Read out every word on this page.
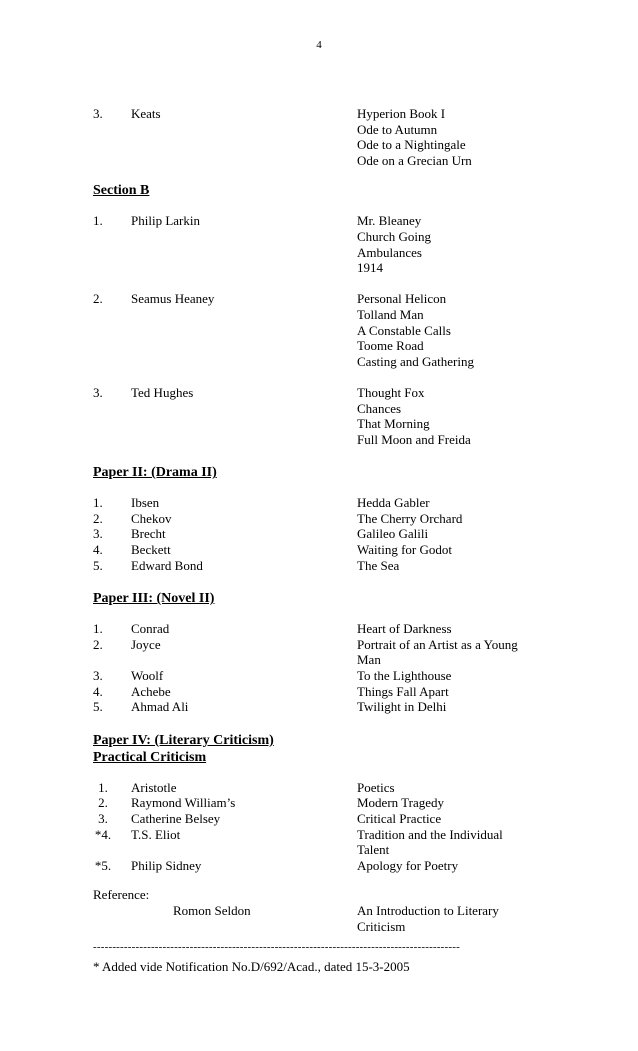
4
3.	Keats	Hyperion Book I
Ode to Autumn
Ode to a Nightingale
Ode on a Grecian Urn
Section B
1.	Philip Larkin	Mr. Bleaney
Church Going
Ambulances
1914
2.	Seamus Heaney	Personal Helicon
Tolland Man
A Constable Calls
Toome Road
Casting and Gathering
3.	Ted Hughes	Thought Fox
Chances
That Morning
Full Moon and Freida
Paper II: (Drama II)
1.	Ibsen	Hedda Gabler
2.	Chekov	The Cherry Orchard
3.	Brecht	Galileo Galili
4.	Beckett	Waiting for Godot
5.	Edward Bond	The Sea
Paper III: (Novel II)
1.	Conrad	Heart of Darkness
2.	Joyce	Portrait of an Artist as a Young
Man
3.	Woolf	To the Lighthouse
4.	Achebe	Things Fall Apart
5.	Ahmad Ali	Twilight in Delhi
Paper IV: (Literary Criticism)
Practical Criticism
1.	Aristotle	Poetics
2.	Raymond William’s	Modern Tragedy
3.	Catherine Belsey	Critical Practice
*4. T.S. Eliot	Tradition and the Individual
Talent
*5. Philip Sidney	Apology for Poetry
Reference:
Romon Seldon	An Introduction to Literary
Criticism
-----------------------------------------------------------------------------------------------
* Added vide Notification No.D/692/Acad., dated 15-3-2005
